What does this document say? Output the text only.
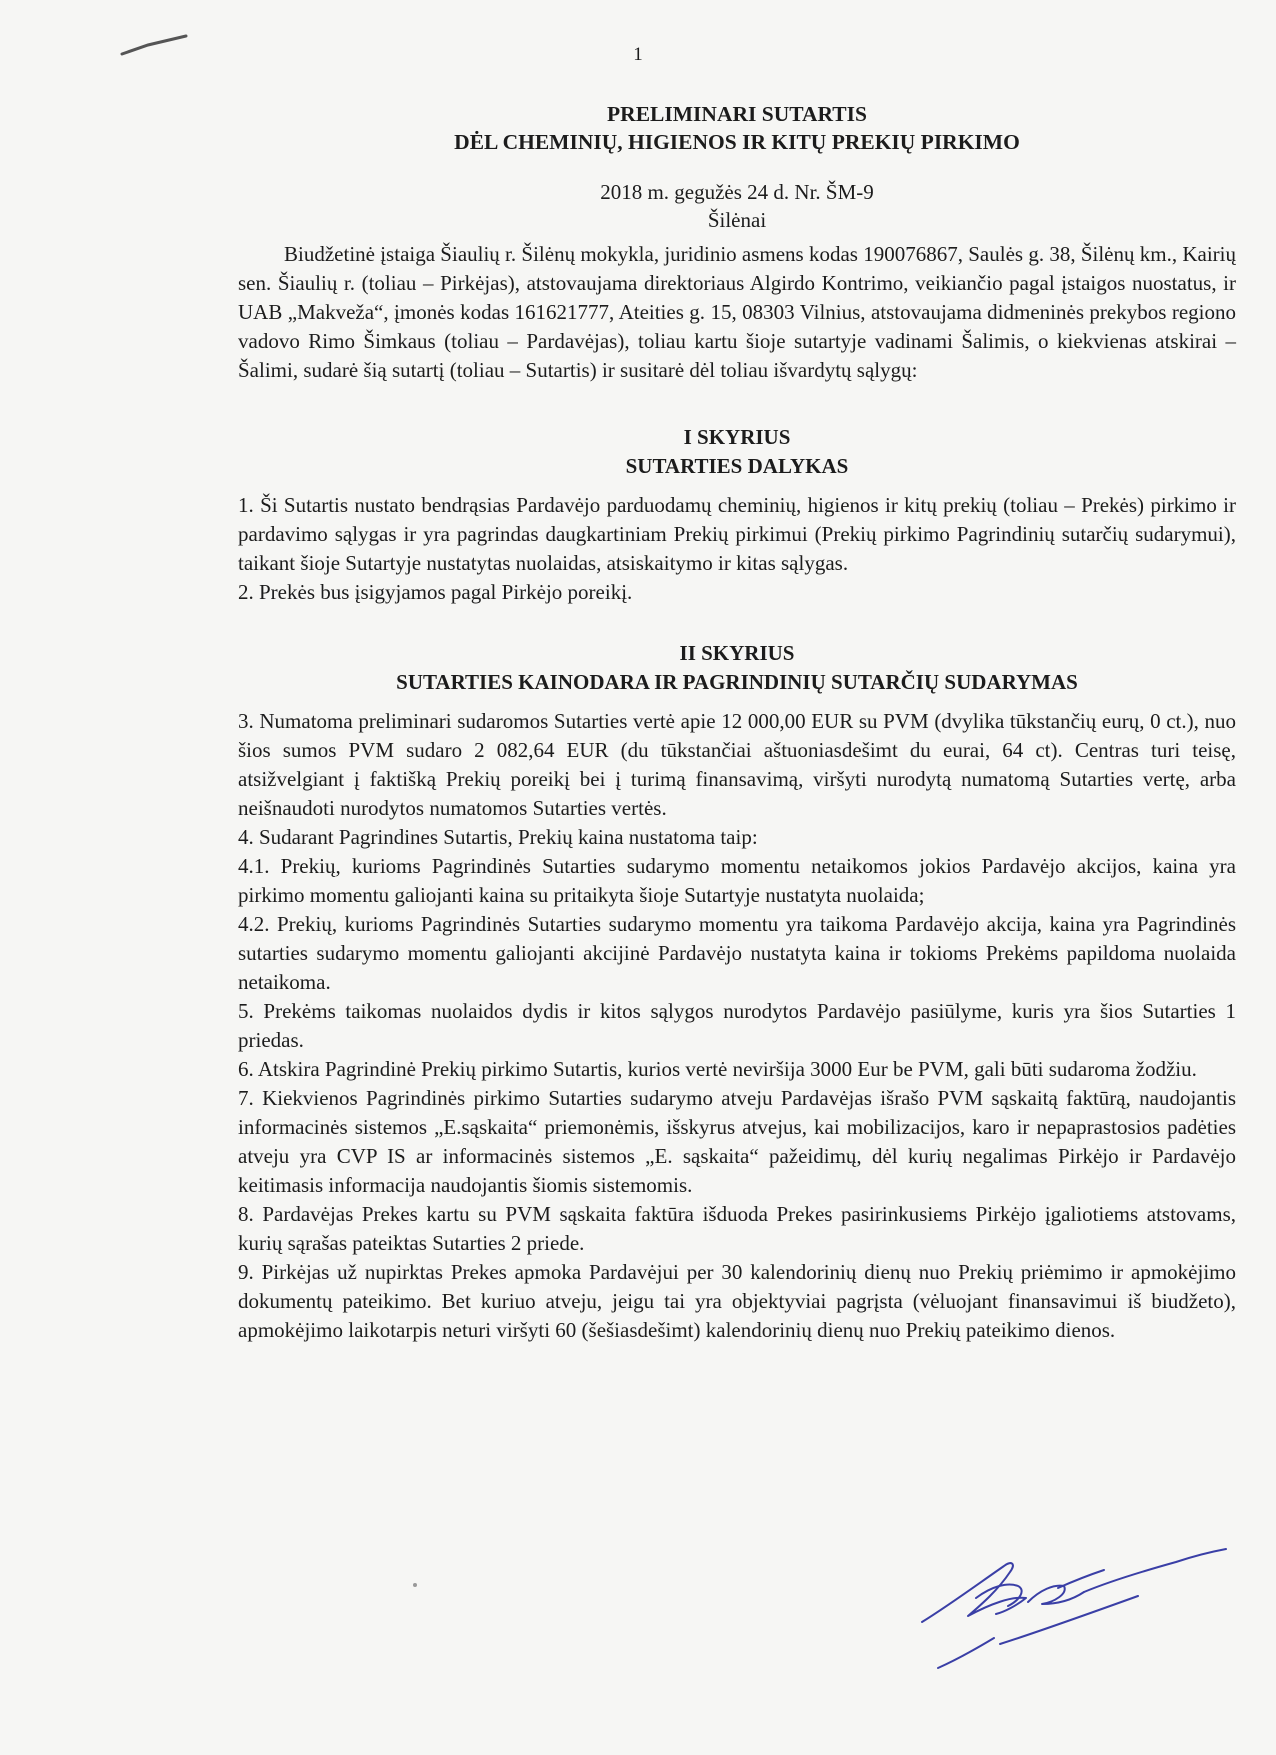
1
PRELIMINARI SUTARTIS
DĖL CHEMINIŲ, HIGIENOS IR KITŲ PREKIŲ PIRKIMO
2018 m. gegužės 24 d. Nr. ŠM-9
Šilėnai

Biudžetinė įstaiga Šiaulių r. Šilėnų mokykla, juridinio asmens kodas 190076867, Saulės g. 38, Šilėnų km., Kairių sen. Šiaulių r. (toliau – Pirkėjas), atstovaujama direktoriaus Algirdo Kontrimo, veikiančio pagal įstaigos nuostatus, ir UAB „Makveža“, įmonės kodas 161621777, Ateities g. 15, 08303 Vilnius, atstovaujama didmeninės prekybos regiono vadovo Rimo Šimkaus (toliau – Pardavėjas), toliau kartu šioje sutartyje vadinami Šalimis, o kiekvienas atskirai – Šalimi, sudarė šią sutartį (toliau – Sutartis) ir susitarė dėl toliau išvardytų sąlygų:

I SKYRIUS
SUTARTIES DALYKAS

1. Ši Sutartis nustato bendrąsias Pardavėjo parduodamų cheminių, higienos ir kitų prekių (toliau – Prekės) pirkimo ir pardavimo sąlygas ir yra pagrindas daugkartiniam Prekių pirkimui (Prekių pirkimo Pagrindinių sutarčių sudarymui), taikant šioje Sutartyje nustatytas nuolaidas, atsiskaitymo ir kitas sąlygas.

2. Prekės bus įsigyjamos pagal Pirkėjo poreikį.

II SKYRIUS
SUTARTIES KAINODARA IR PAGRINDINIŲ SUTARČIŲ SUDARYMAS

3. Numatoma preliminari sudaromos Sutarties vertė apie 12 000,00 EUR su PVM (dvylika tūkstančių eurų, 0 ct.), nuo šios sumos PVM sudaro 2 082,64 EUR (du tūkstančiai aštuoniasdešimt du eurai, 64 ct). Centras turi teisę, atsižvelgiant į faktišką Prekių poreikį bei į turimą finansavimą, viršyti nurodytą numatomą Sutarties vertę, arba neišnaudoti nurodytos numatomos Sutarties vertės.

4. Sudarant Pagrindines Sutartis, Prekių kaina nustatoma taip:

4.1. Prekių, kurioms Pagrindinės Sutarties sudarymo momentu netaikomos jokios Pardavėjo akcijos, kaina yra pirkimo momentu galiojanti kaina su pritaikyta šioje Sutartyje nustatyta nuolaida;

4.2. Prekių, kurioms Pagrindinės Sutarties sudarymo momentu yra taikoma Pardavėjo akcija, kaina yra Pagrindinės sutarties sudarymo momentu galiojanti akcijinė Pardavėjo nustatyta kaina ir tokioms Prekėms papildoma nuolaida netaikoma.

5. Prekėms taikomas nuolaidos dydis ir kitos sąlygos nurodytos Pardavėjo pasiūlyme, kuris yra šios Sutarties 1 priedas.

6. Atskira Pagrindinė Prekių pirkimo Sutartis, kurios vertė neviršija 3000 Eur be PVM, gali būti sudaroma žodžiu.

7. Kiekvienos Pagrindinės pirkimo Sutarties sudarymo atveju Pardavėjas išrašo PVM sąskaitą faktūrą, naudojantis informacinės sistemos „E.sąskaita“ priemonėmis, išskyrus atvejus, kai mobilizacijos, karo ir nepaprastosios padėties atveju yra CVP IS ar informacinės sistemos „E. sąskaita“ pažeidimų, dėl kurių negalimas Pirkėjo ir Pardavėjo keitimasis informacija naudojantis šiomis sistemomis.

8. Pardavėjas Prekes kartu su PVM sąskaita faktūra išduoda Prekes pasirinkusiems Pirkėjo įgaliotiems atstovams, kurių sąrašas pateiktas Sutarties 2 priede.

9. Pirkėjas už nupirktas Prekes apmoka Pardavėjui per 30 kalendorinių dienų nuo Prekių priėmimo ir apmokėjimo dokumentų pateikimo. Bet kuriuo atveju, jeigu tai yra objektyviai pagrįsta (vėluojant finansavimui iš biudžeto), apmokėjimo laikotarpis neturi viršyti 60 (šešiasdešimt) kalendorinių dienų nuo Prekių pateikimo dienos.
